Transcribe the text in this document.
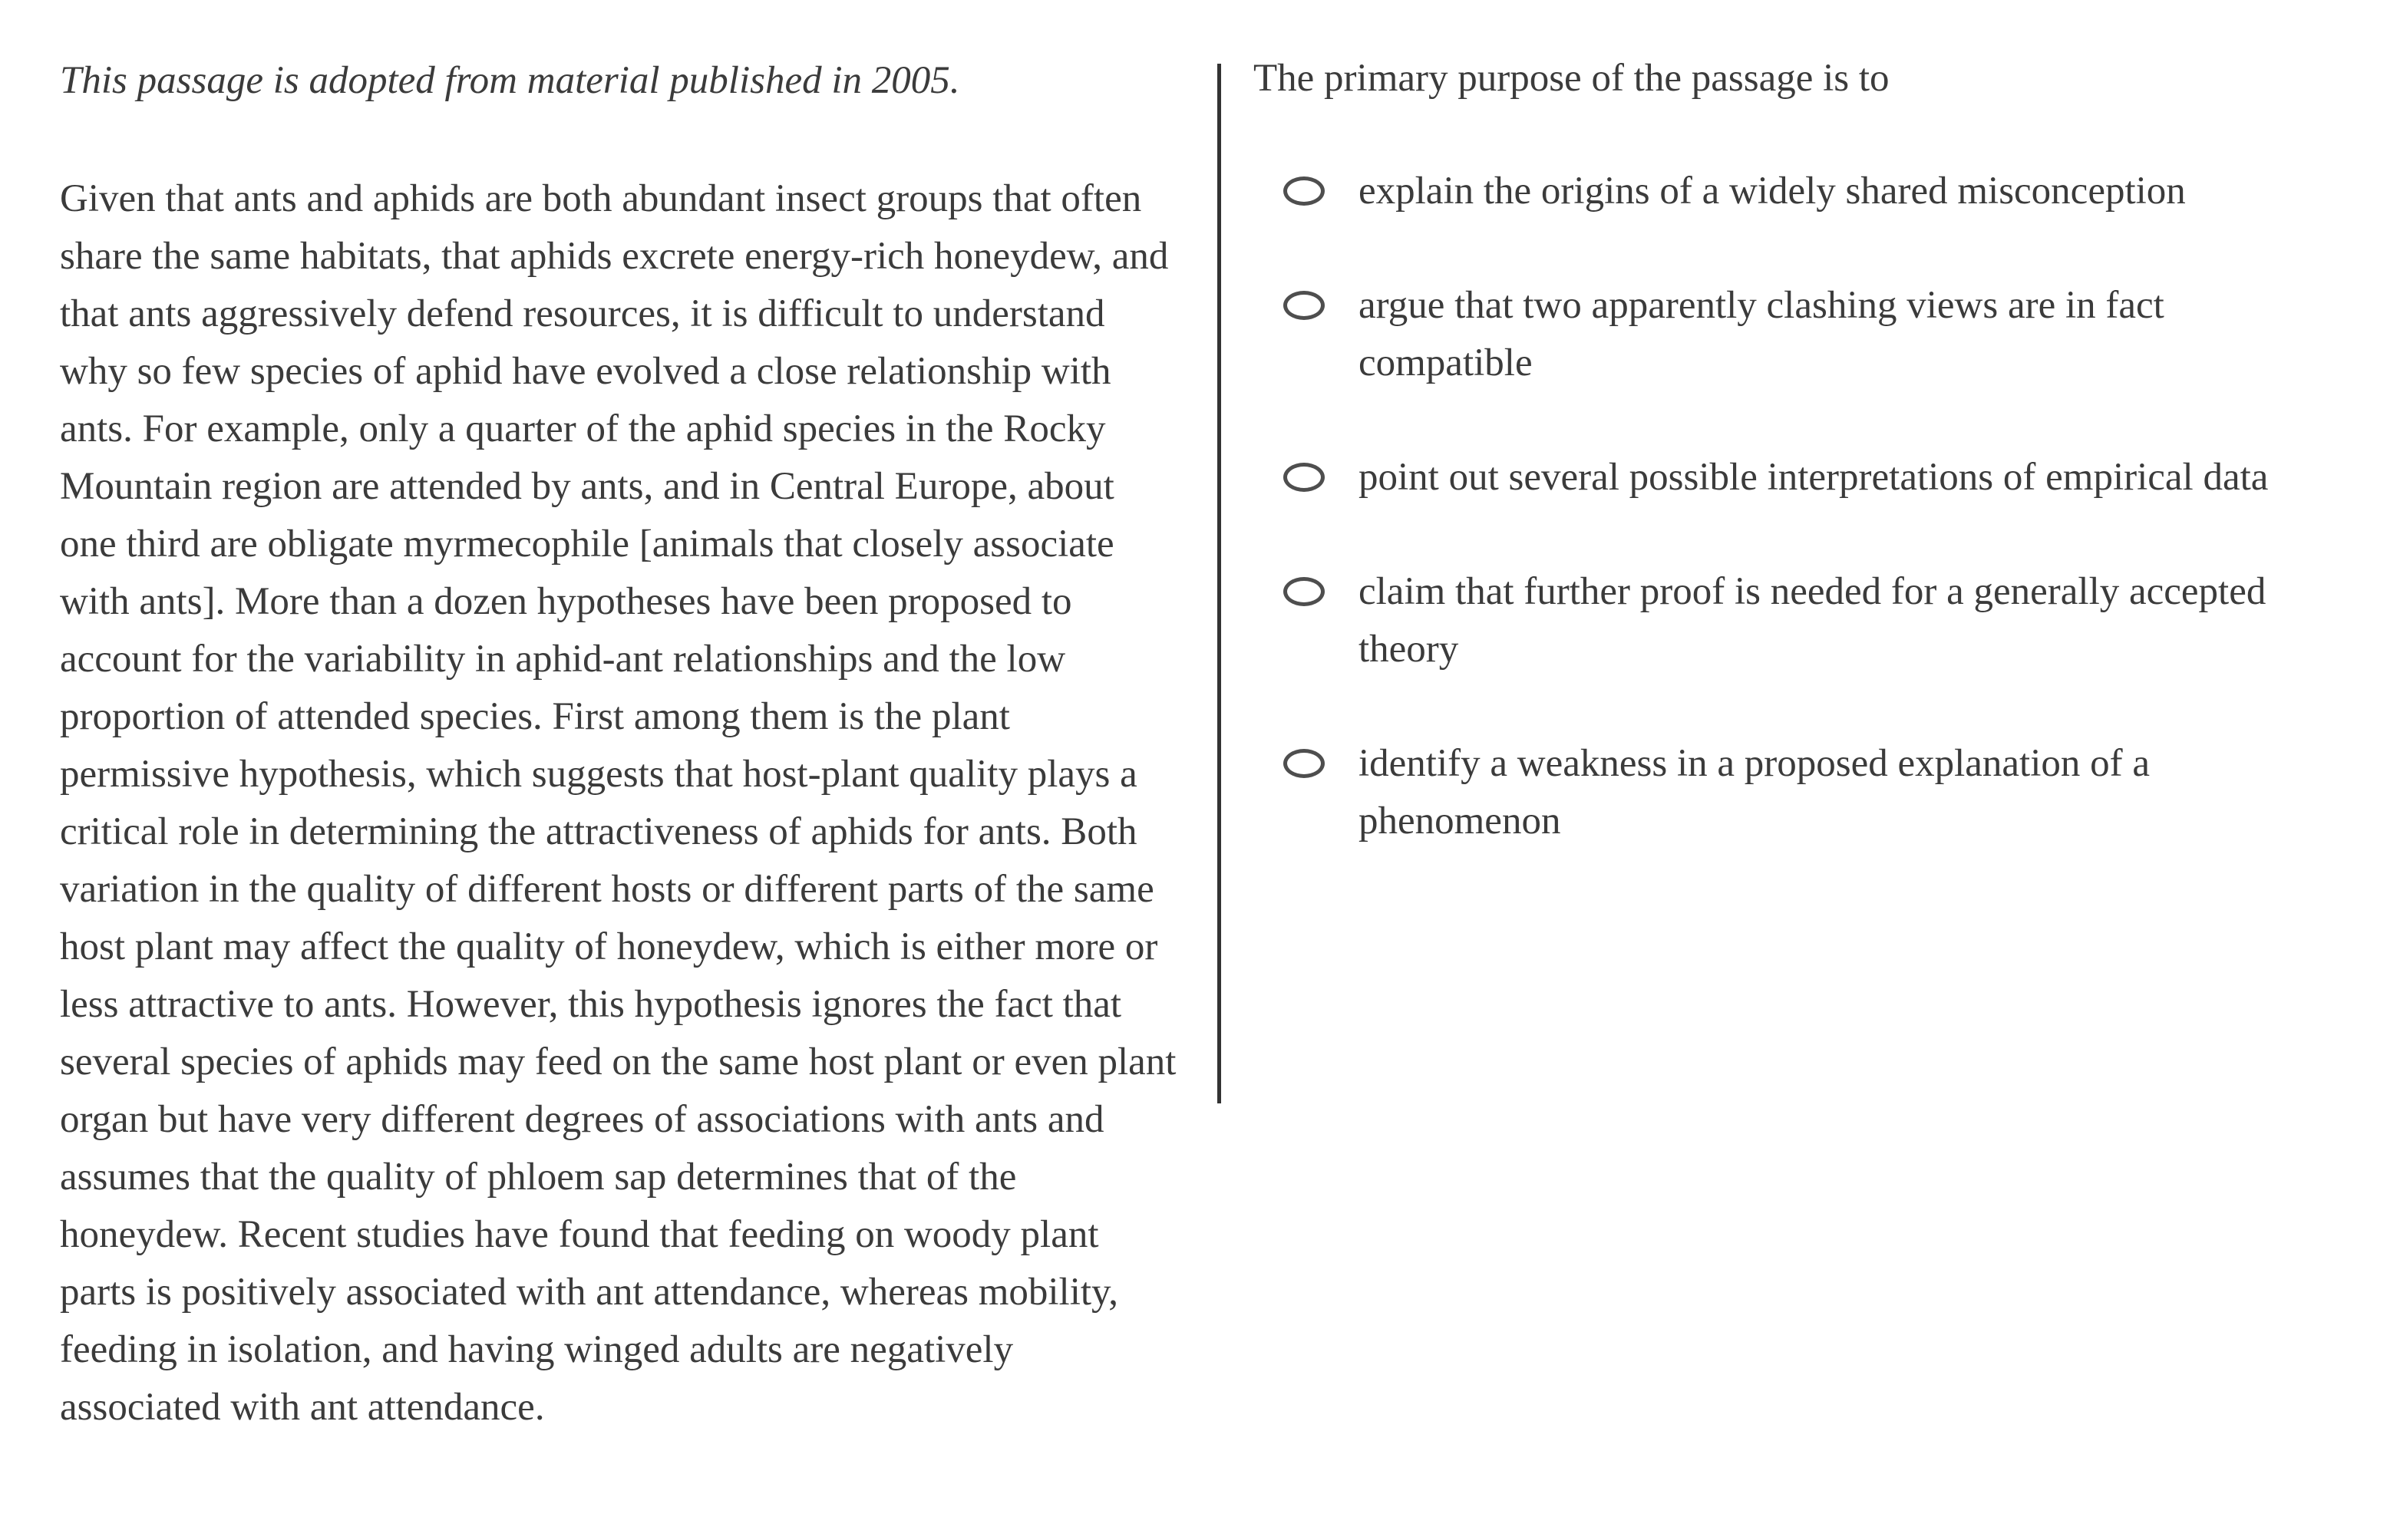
This passage is adopted from material published in 2005.
Given that ants and aphids are both abundant insect groups that often share the same habitats, that aphids excrete energy-rich honeydew, and that ants aggressively defend resources, it is difficult to understand why so few species of aphid have evolved a close relationship with ants. For example, only a quarter of the aphid species in the Rocky Mountain region are attended by ants, and in Central Europe, about one third are obligate myrmecophile [animals that closely associate with ants]. More than a dozen hypotheses have been proposed to account for the variability in aphid-ant relationships and the low proportion of attended species. First among them is the plant permissive hypothesis, which suggests that host-plant quality plays a critical role in determining the attractiveness of aphids for ants. Both variation in the quality of different hosts or different parts of the same host plant may affect the quality of honeydew, which is either more or less attractive to ants. However, this hypothesis ignores the fact that several species of aphids may feed on the same host plant or even plant organ but have very different degrees of associations with ants and assumes that the quality of phloem sap determines that of the honeydew. Recent studies have found that feeding on woody plant parts is positively associated with ant attendance, whereas mobility, feeding in isolation, and having winged adults are negatively associated with ant attendance.
The primary purpose of the passage is to
explain the origins of a widely shared misconception
argue that two apparently clashing views are in fact compatible
point out several possible interpretations of empirical data
claim that further proof is needed for a generally accepted theory
identify a weakness in a proposed explanation of a phenomenon
